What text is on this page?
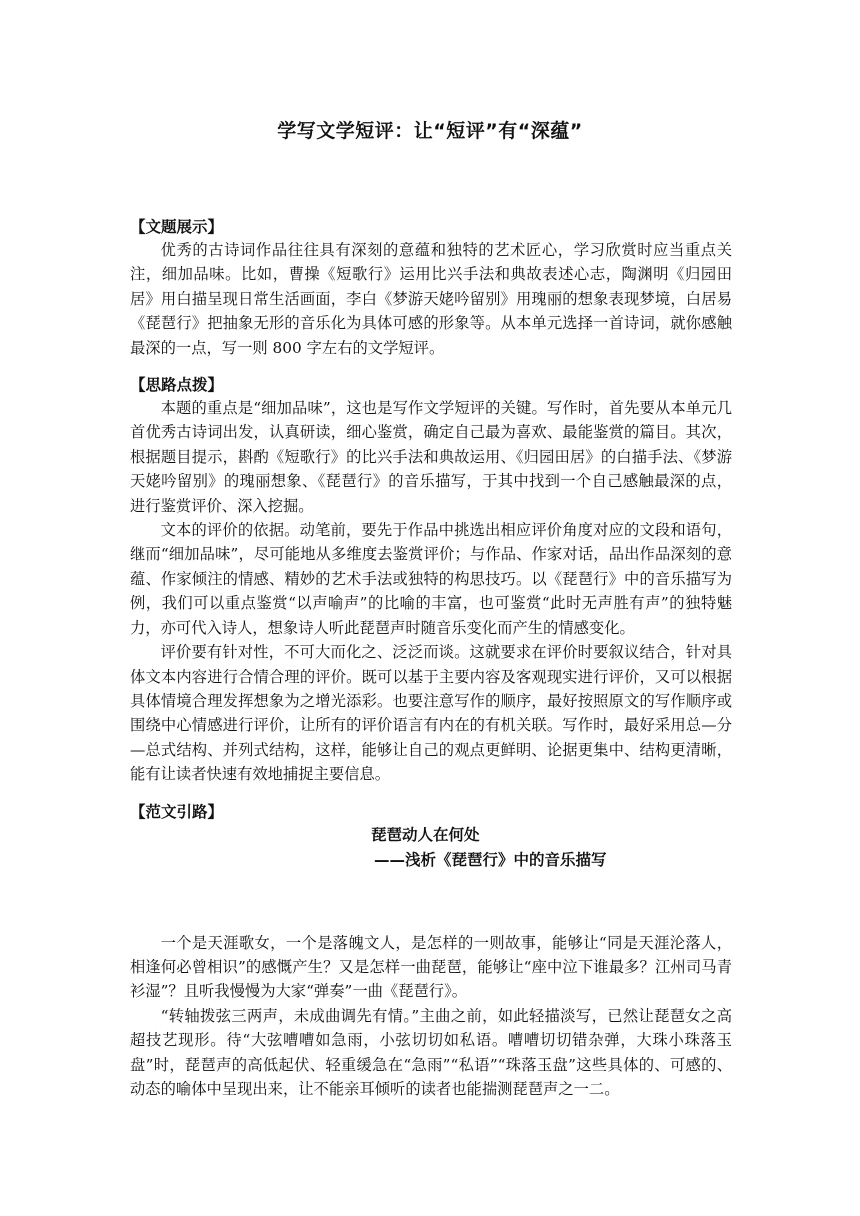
学写文学短评：让“短评”有“深蕴”
【文题展示】

优秀的古诗词作品往往具有深刻的意蕴和独特的艺术匠心，学习欣赏时应当重点关注，细加品味。比如，曹操《短歌行》运用比兴手法和典故表述心志，陶渊明《归园田居》用白描呈现日常生活画面，李白《梦游天姥吟留别》用瑰丽的想象表现梦境，白居易《琵琶行》把抽象无形的音乐化为具体可感的形象等。从本单元选择一首诗词，就你感触最深的一点，写一则 800 字左右的文学短评。

【思路点拨】

本题的重点是“细加品味”，这也是写作文学短评的关键。写作时，首先要从本单元几首优秀古诗词出发，认真研读，细心鉴赏，确定自己最为喜欢、最能鉴赏的篇目。其次，根据题目提示，斟酌《短歌行》的比兴手法和典故运用、《归园田居》的白描手法、《梦游天姥吟留别》的瑰丽想象、《琵琶行》的音乐描写，于其中找到一个自己感触最深的点，进行鉴赏评价、深入挖掘。

文本的评价的依据。动笔前，要先于作品中挑选出相应评价角度对应的文段和语句，继而“细加品味”，尽可能地从多维度去鉴赏评价；与作品、作家对话，品出作品深刻的意蕴、作家倾注的情感、精妙的艺术手法或独特的构思技巧。以《琵琶行》中的音乐描写为例，我们可以重点鉴赏“以声喻声”的比喻的丰富，也可鉴赏“此时无声胜有声”的独特魅力，亦可代入诗人，想象诗人听此琵琶声时随音乐变化而产生的情感变化。

评价要有针对性，不可大而化之、泛泛而谈。这就要求在评价时要叙议结合，针对具体文本内容进行合情合理的评价。既可以基于主要内容及客观现实进行评价，又可以根据具体情境合理发挥想象为之增光添彩。也要注意写作的顺序，最好按照原文的写作顺序或围绕中心情感进行评价，让所有的评价语言有内在的有机关联。写作时，最好采用总—分—总式结构、并列式结构，这样，能够让自己的观点更鲜明、论据更集中、结构更清晰，能有让读者快速有效地捕捉主要信息。

【范文引路】
琵琶动人在何处
——浅析《琵琶行》中的音乐描写

一个是天涯歌女，一个是落魄文人，是怎样的一则故事，能够让“同是天涯沦落人，相逢何必曾相识”的感慨产生？又是怎样一曲琵琶，能够让“座中泣下谁最多？江州司马青衫湿”？且听我慢慢为大家“弹奏”一曲《琵琶行》。

“转轴拨弦三两声，未成曲调先有情。”主曲之前，如此轻描淡写，已然让琵琶女之高超技艺现形。待“大弦嘈嘈如急雨，小弦切切如私语。嘈嘈切切错杂弹，大珠小珠落玉盘”时，琵琶声的高低起伏、轻重缓急在“急雨”“私语”“珠落玉盘”这些具体的、可感的、动态的喻体中呈现出来，让不能亲耳倾听的读者也能揣测琵琶声之一二。
